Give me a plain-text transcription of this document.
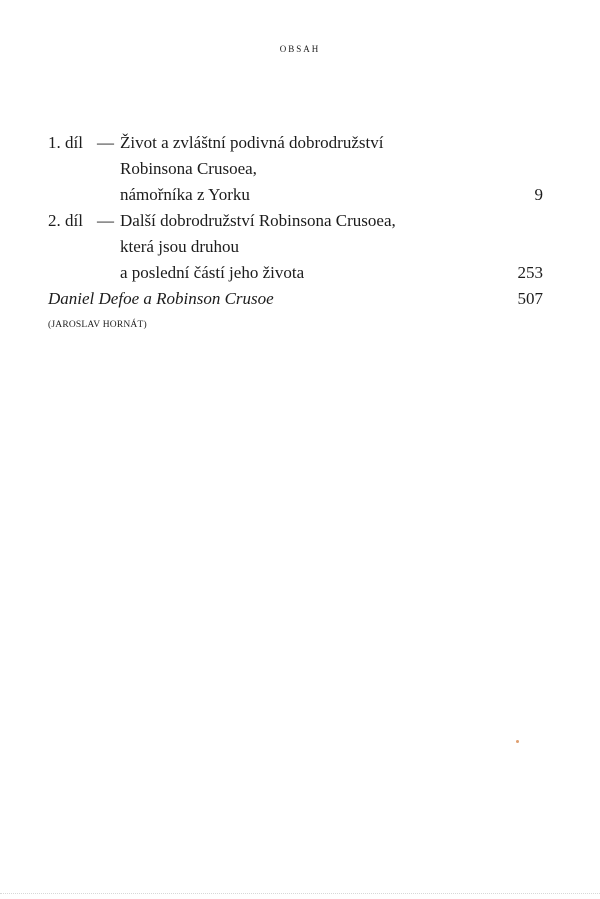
OBSAH
1. díl — Život a zvláštní podivná dobrodružství
Robinsona Crusoea,
námořníka z Yorku	9
2. díl — Další dobrodružství Robinsona Crusoea,
která jsou druhou
a poslední částí jeho života	253
Daniel Defoe a Robinson Crusoe	507
(JAROSLAV HORNÁT)
